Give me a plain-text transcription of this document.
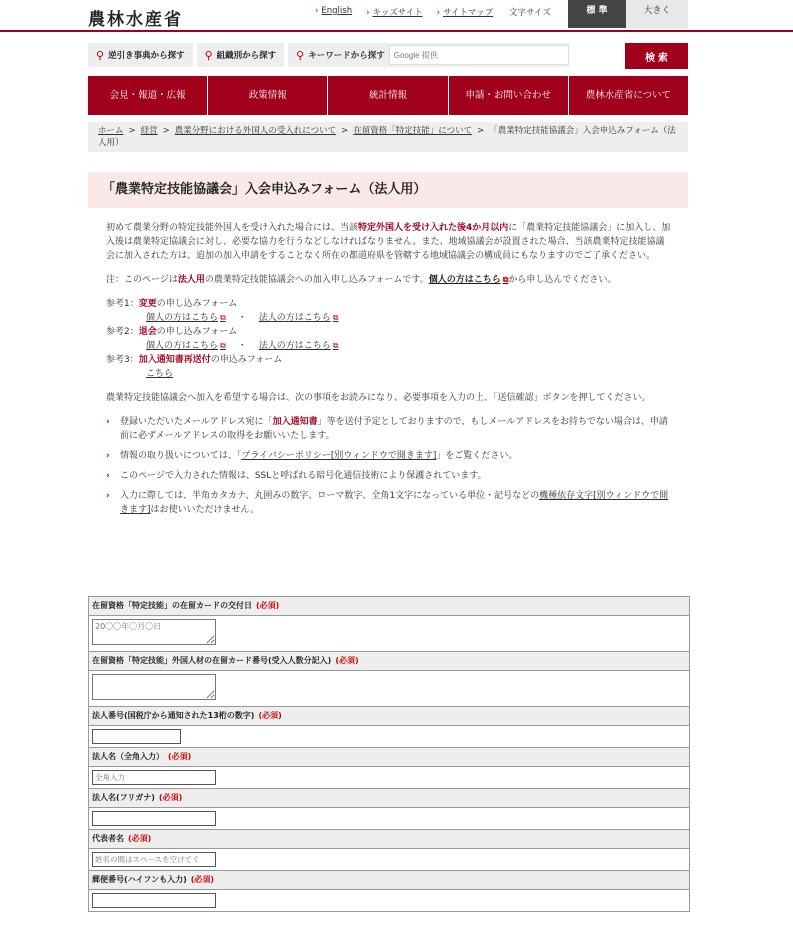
農林水産省	› English	› キッズサイト	› サイトマップ 文字サイズ	標 準	大きく
⚲ 逆引き事典から探す ⚲ 組織別から探す ⚲ キーワードから探す
Google 提供	検 索
会見・報道・広報	政策情報	統計情報	申請・お問い合わせ	農林水産省について
ホーム > 経営 > 農業分野における外国人の受入れについて > 在留資格「特定技能」について > 「農業特定技能協議会」入会申込みフォーム（法人用）
「農業特定技能協議会」入会申込みフォーム（法人用）

初めて農業分野の特定技能外国人を受け入れた場合には、当該特定外国人を受け入れた後4か月以内に「農業特定技能協議会」に加入し、加入後は農業特定協議会に対し、必要な協力を行うなどしなければなりません。また、地域協議会が設置された場合、当該農業特定技能協議会に加入された方は、追加の加入申請をすることなく所在の都道府県を管轄する地域協議会の構成員にもなりますのでご了承ください。

注：このページは法人用の農業特定技能協議会への加入申し込みフォームです。個人の方はこちら ⧉ から申し込んでください。

参考1：変更の申し込みフォーム
個人の方はこちら ⧉ ・ 法人の方はこちら ⧉
参考2：退会の申し込みフォーム
個人の方はこちら ⧉ ・ 法人の方はこちら ⧉
参考3：加入通知書再送付の申込みフォーム
こちら

農業特定技能協議会へ加入を希望する場合は、次の事項をお読みになり、必要事項を入力の上、「送信確認」ボタンを押してください。

› 登録いただいたメールアドレス宛に「加入通知書」等を送付予定としておりますので、もしメールアドレスをお持ちでない場合は、申請前に必ずメールアドレスの取得をお願いいたします。
› 情報の取り扱いについては、「プライバシーポリシー[別ウィンドウで開きます]」をご覧ください。
› このページで入力された情報は、SSLと呼ばれる暗号化通信技術により保護されています。
› 入力に際しては、半角カタカナ、丸囲みの数字、ローマ数字、全角1文字になっている単位・記号などの機種依存文字[別ウィンドウで開きます]はお使いいただけません。
在留資格「特定技能」の在留カードの交付日 (必須)
20〇〇年〇月〇日
在留資格「特定技能」外国人材の在留カード番号(受入人数分記入) (必須)
法人番号(国税庁から通知された13桁の数字) (必須)
法人名（全角入力） (必須)
全角入力
法人名(フリガナ) (必須)
代表者名 (必須)
姓名の間はスペースを空けてく
郵便番号(ハイフンも入力) (必須)
